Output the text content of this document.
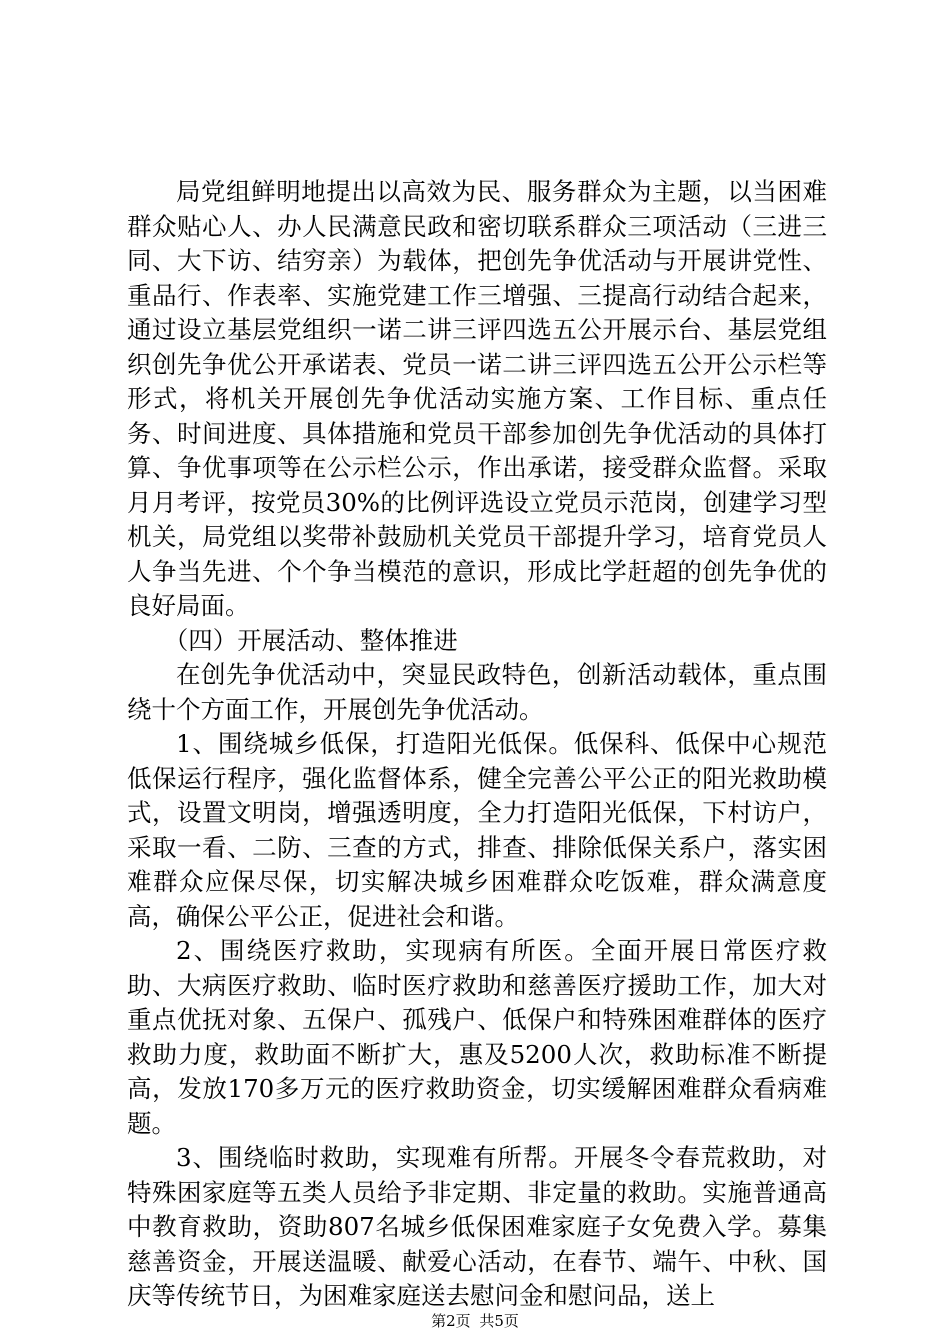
局党组鲜明地提出以高效为民、服务群众为主题，以当困难群众贴心人、办人民满意民政和密切联系群众三项活动（三进三同、大下访、结穷亲）为载体，把创先争优活动与开展讲党性、重品行、作表率、实施党建工作三增强、三提高行动结合起来，通过设立基层党组织一诺二讲三评四选五公开展示台、基层党组织创先争优公开承诺表、党员一诺二讲三评四选五公开公示栏等形式，将机关开展创先争优活动实施方案、工作目标、重点任务、时间进度、具体措施和党员干部参加创先争优活动的具体打算、争优事项等在公示栏公示，作出承诺，接受群众监督。采取月月考评，按党员30%的比例评选设立党员示范岗，创建学习型机关，局党组以奖带补鼓励机关党员干部提升学习，培育党员人人争当先进、个个争当模范的意识，形成比学赶超的创先争优的良好局面。

（四）开展活动、整体推进

在创先争优活动中，突显民政特色，创新活动载体，重点围绕十个方面工作，开展创先争优活动。

1、围绕城乡低保，打造阳光低保。低保科、低保中心规范低保运行程序，强化监督体系，健全完善公平公正的阳光救助模式，设置文明岗，增强透明度，全力打造阳光低保，下村访户，采取一看、二防、三查的方式，排查、排除低保关系户，落实困难群众应保尽保，切实解决城乡困难群众吃饭难，群众满意度高，确保公平公正，促进社会和谐。

2、围绕医疗救助，实现病有所医。全面开展日常医疗救助、大病医疗救助、临时医疗救助和慈善医疗援助工作，加大对重点优抚对象、五保户、孤残户、低保户和特殊困难群体的医疗救助力度，救助面不断扩大，惠及5200人次，救助标准不断提高，发放170多万元的医疗救助资金，切实缓解困难群众看病难题。

3、围绕临时救助，实现难有所帮。开展冬令春荒救助，对特殊困家庭等五类人员给予非定期、非定量的救助。实施普通高中教育救助，资助807名城乡低保困难家庭子女免费入学。募集慈善资金，开展送温暖、献爱心活动，在春节、端午、中秋、国庆等传统节日，为困难家庭送去慰问金和慰问品，送上

第2页 共5页
